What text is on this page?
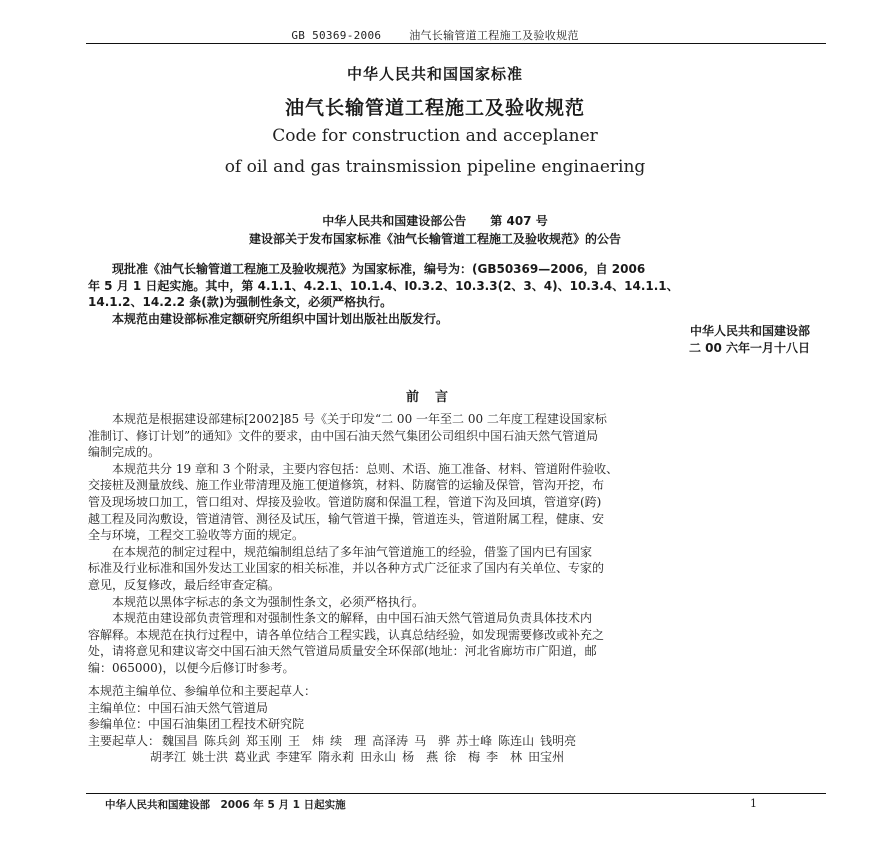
GB 50369-2006	油气长输管道工程施工及验收规范
中华人民共和国国家标准
油气长输管道工程施工及验收规范
Code for construction and acceplaner
of oil and gas trainsmission pipeline enginaering
中华人民共和国建设部公告　　第 407 号
建设部关于发布国家标准《油气长输管道工程施工及验收规范》的公告

现批准《油气长输管道工程施工及验收规范》为国家标准，编号为：(GB50369—2006，自 2006

年 5 月 1 日起实施。其中，第 4.1.1、4.2.1、10.1.4、I0.3.2、10.3.3(2、3、4)、10.3.4、14.1.1、

14.1.2、14.2.2 条(款)为强制性条文，必须严格执行。

本规范由建设部标准定额研究所组织中国计划出版社出版发行。

中华人民共和国建设部
二 00 六年一月十八日
前言

本规范是根据建设部建标[2002]85 号《关于印发“二 00 一年至二 00 二年度工程建设国家标

准制订、修订计划”的通知》文件的要求，由中国石油天然气集团公司组织中国石油天然气管道局

编制完成的。

本规范共分 19 章和 3 个附录，主要内容包括：总则、术语、施工准备、材料、管道附件验收、

交接桩及测量放线、施工作业带清理及施工便道修筑，材料、防腐管的运输及保管，管沟开挖，布

管及现场坡口加工，管口组对、焊接及验收。管道防腐和保温工程，管道下沟及回填，管道穿(跨)

越工程及同沟敷设，管道清管、测径及试压，输气管道干操，管道连头，管道附属工程，健康、安

全与环境，工程交工验收等方面的规定。

在本规范的制定过程中，规范编制组总结了多年油气管道施工的经验，借鉴了国内已有国家

标准及行业标准和国外发达工业国家的相关标准，并以各种方式广泛征求了国内有关单位、专家的

意见，反复修改，最后经审查定稿。

本规范以黑体字标志的条文为强制性条文，必须严格执行。

本规范由建设部负责管理和对强制性条文的解释，由中国石油天然气管道局负责具体技术内

容解释。本规范在执行过程中，请各单位结合工程实践，认真总结经验，如发现需要修改或补充之

处，请将意见和建议寄交中国石油天然气管道局质量安全环保部(地址：河北省廊坊市广阳道，邮

编：065000)，以便今后修订时参考。

本规范主编单位、参编单位和主要起草人：
主编单位：中国石油天然气管道局
参编单位：中国石油集团工程技术研究院
主要起草人： 魏国昌 陈兵剑 郑玉刚 王　炜 续　理 高泽涛 马　骅 苏士峰 陈连山 钱明亮
胡孝江 姚士洪 葛业武 李建军 隋永莉 田永山 杨　燕 徐　梅 李　林 田宝州
中华人民共和国建设部　2006 年 5 月 1 日起实施	1
